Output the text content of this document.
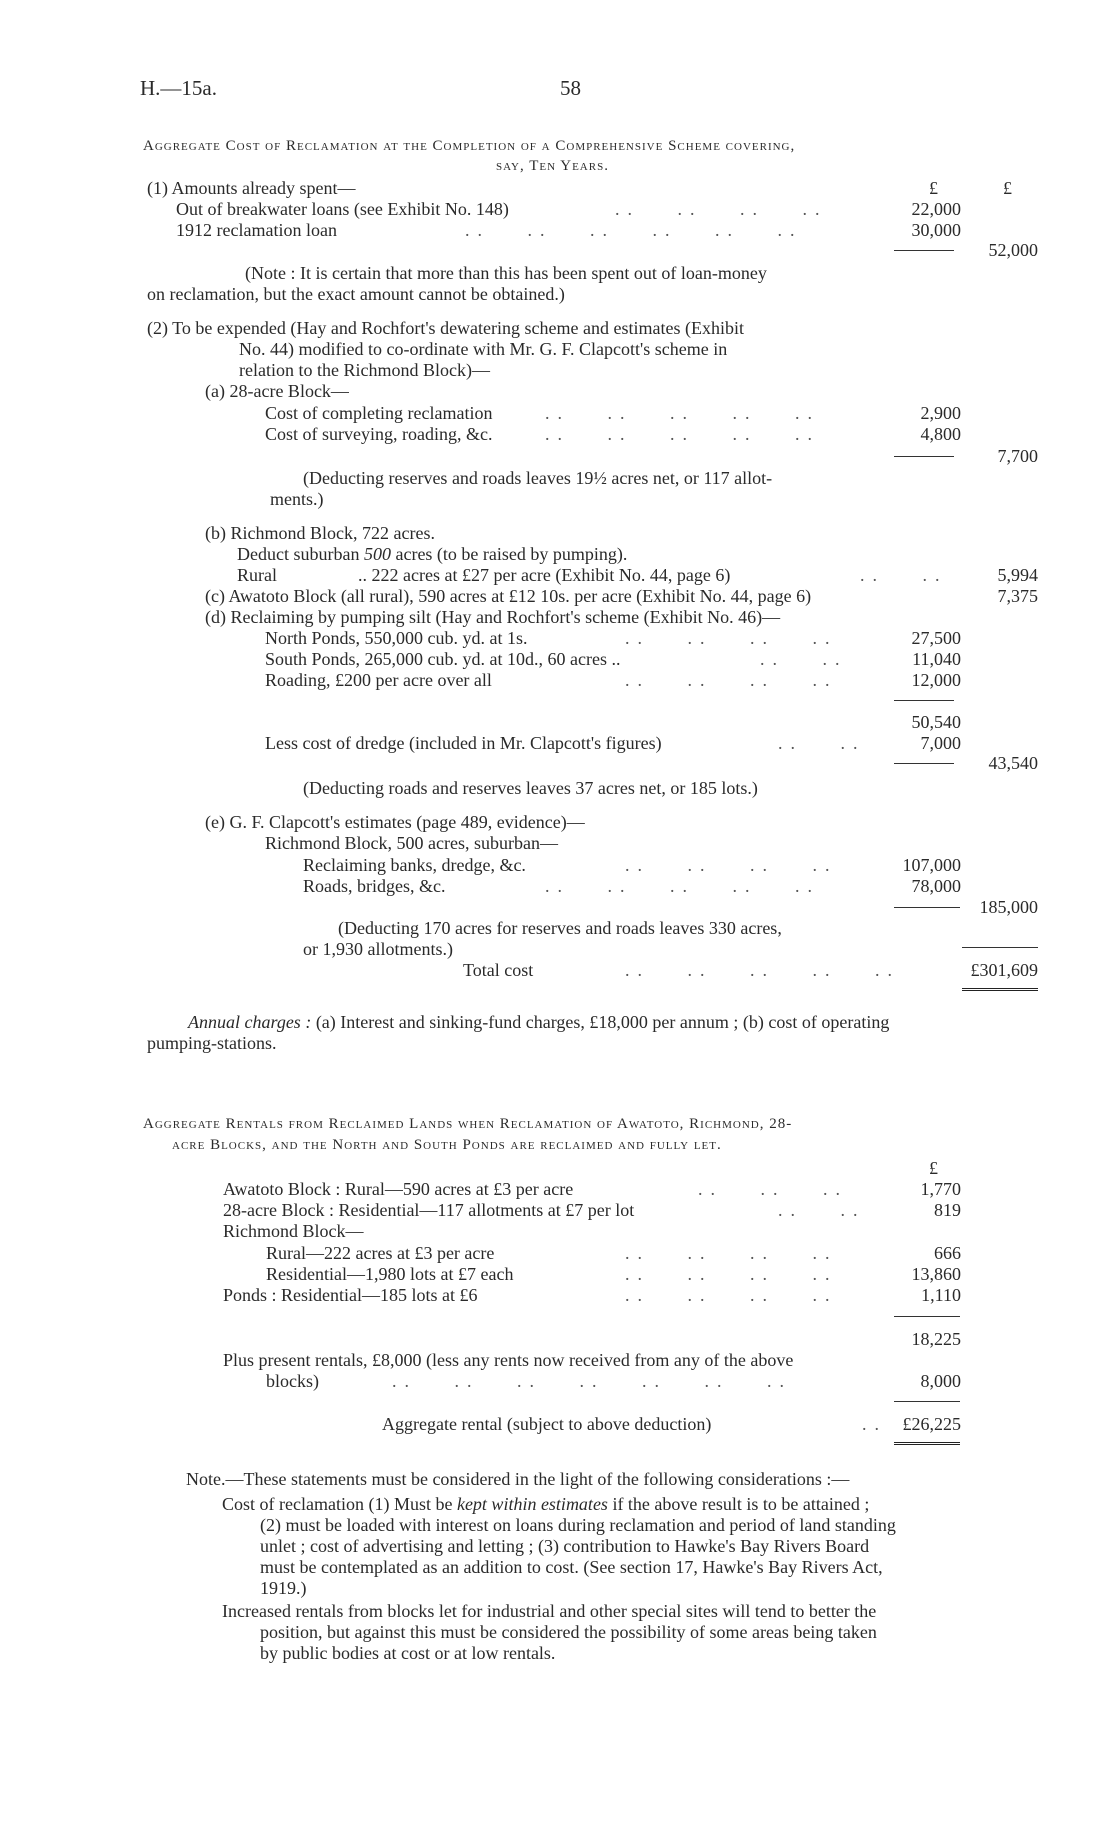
H.—15a.	58
Aggregate Cost of Reclamation at the Completion of a Comprehensive Scheme covering,
say, Ten Years.
£	£
(1) Amounts already spent—
Out of breakwater loans (see Exhibit No. 148)	..   ..   ..   ..	22,000
1912 reclamation loan	..   ..   ..   ..   ..   ..	30,000
52,000
(Note : It is certain that more than this has been spent out of loan-money
on reclamation, but the exact amount cannot be obtained.)
(2) To be expended (Hay and Rochfort's dewatering scheme and estimates (Exhibit
No. 44) modified to co-ordinate with Mr. G. F. Clapcott's scheme in
relation to the Richmond Block)—
(a) 28-acre Block—
Cost of completing reclamation	..   ..   ..   ..   ..	2,900
Cost of surveying, roading, &c.	..   ..   ..   ..   ..	4,800
7,700
(Deducting reserves and roads leaves 19½ acres net, or 117 allot-
ments.)
(b) Richmond Block, 722 acres.
Deduct suburban 500 acres (to be raised by pumping).
Rural	.. 222 acres at £27 per acre (Exhibit No. 44, page 6)	..   ..	5,994
(c) Awatoto Block (all rural), 590 acres at £12 10s. per acre (Exhibit No. 44, page 6)	7,375
(d) Reclaiming by pumping silt (Hay and Rochfort's scheme (Exhibit No. 46)—
North Ponds, 550,000 cub. yd. at 1s.	..   ..   ..   ..	27,500
South Ponds, 265,000 cub. yd. at 10d., 60 acres ..	..   ..	11,040
Roading, £200 per acre over all	..   ..   ..   ..	12,000
50,540
Less cost of dredge (included in Mr. Clapcott's figures)	..   ..	7,000
43,540
(Deducting roads and reserves leaves 37 acres net, or 185 lots.)
(e) G. F. Clapcott's estimates (page 489, evidence)—
Richmond Block, 500 acres, suburban—
Reclaiming banks, dredge, &c.	..   ..   ..   ..	107,000
Roads, bridges, &c.	..   ..   ..   ..   ..	78,000
185,000
(Deducting 170 acres for reserves and roads leaves 330 acres,
or 1,930 allotments.)
Total cost	..   ..   ..   ..   ..	£301,609
Annual charges : (a) Interest and sinking-fund charges, £18,000 per annum ; (b) cost of operating
pumping-stations.
Aggregate Rentals from Reclaimed Lands when Reclamation of Awatoto, Richmond, 28-
acre Blocks, and the North and South Ponds are reclaimed and fully let.
£
Awatoto Block : Rural—590 acres at £3 per acre	..   ..   ..	1,770
28-acre Block : Residential—117 allotments at £7 per lot	..   ..	819
Richmond Block—
Rural—222 acres at £3 per acre	..   ..   ..   ..	666
Residential—1,980 lots at £7 each	..   ..   ..   ..	13,860
Ponds : Residential—185 lots at £6	..   ..   ..   ..	1,110
18,225
Plus present rentals, £8,000 (less any rents now received from any of the above
blocks)	..   ..   ..   ..   ..   ..   ..	8,000
Aggregate rental (subject to above deduction)	.. £26,225
Note.—These statements must be considered in the light of the following considerations :—
Cost of reclamation (1) Must be kept within estimates if the above result is to be attained ;
(2) must be loaded with interest on loans during reclamation and period of land standing
unlet ; cost of advertising and letting ; (3) contribution to Hawke's Bay Rivers Board
must be contemplated as an addition to cost. (See section 17, Hawke's Bay Rivers Act,
1919.)
Increased rentals from blocks let for industrial and other special sites will tend to better the
position, but against this must be considered the possibility of some areas being taken
by public bodies at cost or at low rentals.
